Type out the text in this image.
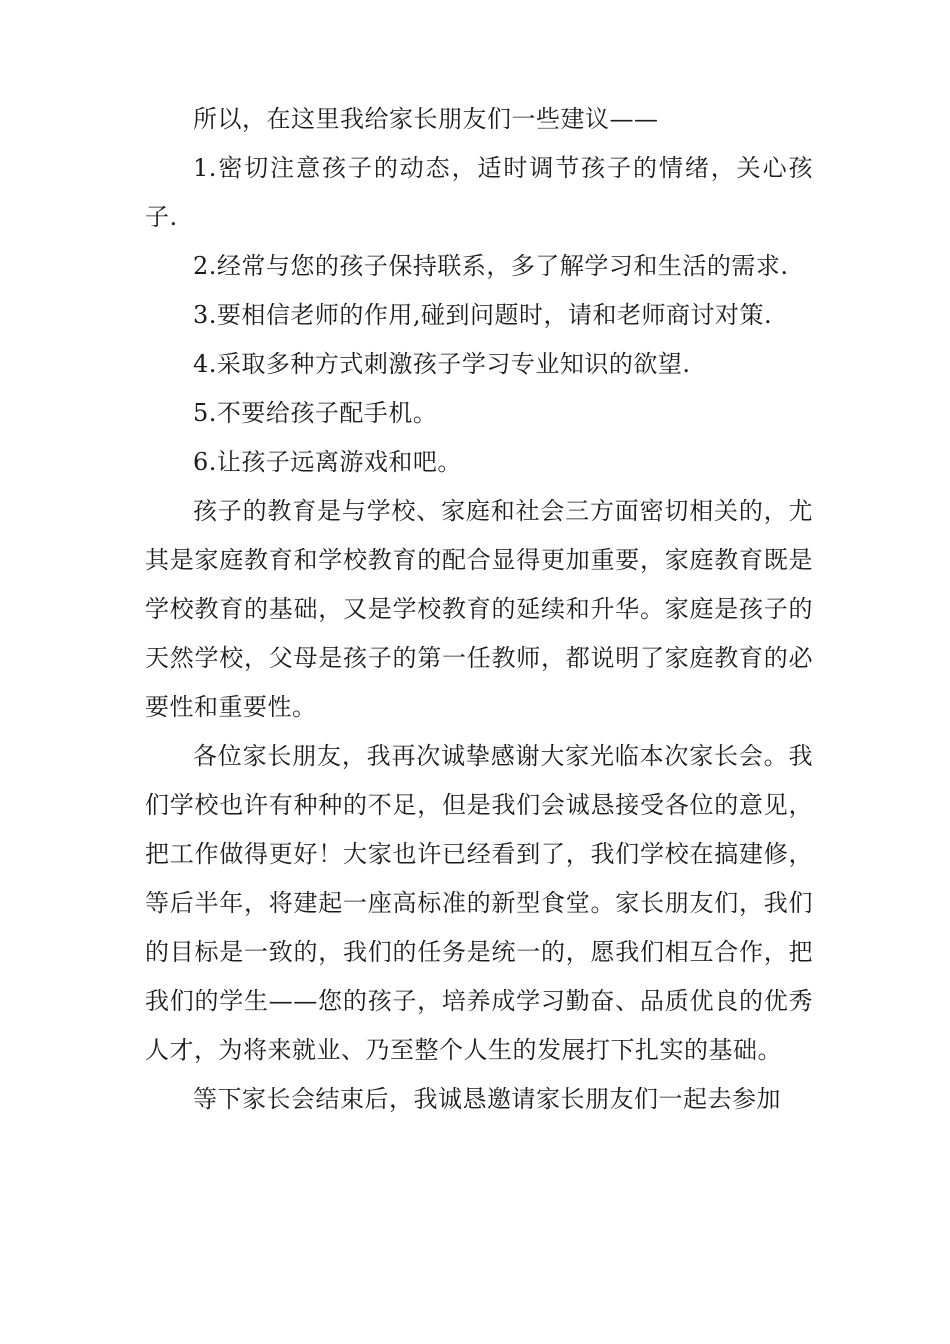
所以，在这里我给家长朋友们一些建议——

1.密切注意孩子的动态，适时调节孩子的情绪，关心孩子.

2.经常与您的孩子保持联系，多了解学习和生活的需求.

3.要相信老师的作用,碰到问题时，请和老师商讨对策.

4.采取多种方式刺激孩子学习专业知识的欲望.

5.不要给孩子配手机。

6.让孩子远离游戏和吧。

孩子的教育是与学校、家庭和社会三方面密切相关的，尤其是家庭教育和学校教育的配合显得更加重要，家庭教育既是学校教育的基础，又是学校教育的延续和升华。家庭是孩子的天然学校，父母是孩子的第一任教师，都说明了家庭教育的必要性和重要性。

各位家长朋友，我再次诚挚感谢大家光临本次家长会。我们学校也许有种种的不足，但是我们会诚恳接受各位的意见，把工作做得更好！大家也许已经看到了，我们学校在搞建修，等后半年，将建起一座高标准的新型食堂。家长朋友们，我们的目标是一致的，我们的任务是统一的，愿我们相互合作，把我们的学生——您的孩子，培养成学习勤奋、品质优良的优秀人才，为将来就业、乃至整个人生的发展打下扎实的基础。

等下家长会结束后，我诚恳邀请家长朋友们一起去参加
